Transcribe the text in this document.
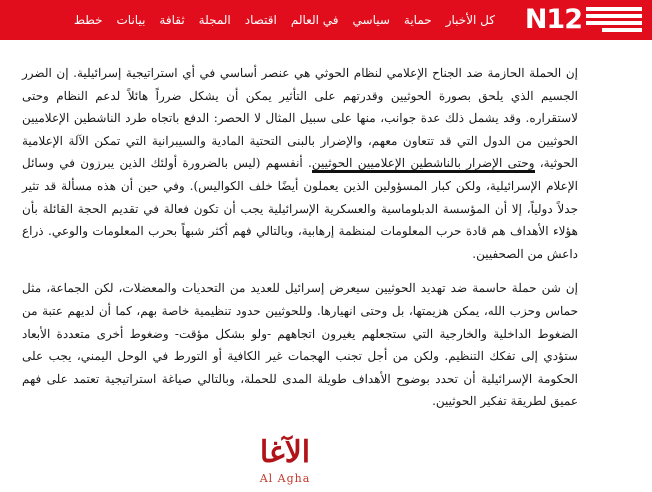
كل الأخبار
حماية
سياسي
في العالم
اقتصاد
المجلة
ثقافة
بيانات
خطط	N12

إن الحملة الحازمة ضد الجناح الإعلامي لنظام الحوثي هي عنصر أساسي في أي استراتيجية إسرائيلية. إن الضرر الجسيم الذي يلحق بصورة الحوثيين وقدرتهم على التأثير يمكن أن يشكل ضرراً هائلاً لدعم النظام وحتى لاستقراره. وقد يشمل ذلك عدة جوانب، منها على سبيل المثال لا الحصر: الدفع باتجاه طرد الناشطين الإعلاميين الحوثيين من الدول التي قد تتعاون معهم، والإضرار بالبنى التحتية المادية والسيبرانية التي تمكن الآلة الإعلامية الحوثية، وحتى الإضرار بالناشطين الإعلاميين الحوثيين. أنفسهم (ليس بالضرورة أولئك الذين يبرزون في وسائل الإعلام الإسرائيلية، ولكن كبار المسؤولين الذين يعملون أيضًا خلف الكواليس). وفي حين أن هذه مسألة قد تثير جدلاً دولياً، إلا أن المؤسسة الدبلوماسية والعسكرية الإسرائيلية يجب أن تكون فعالة في تقديم الحجة القائلة بأن هؤلاء الأهداف هم قادة حرب المعلومات لمنظمة إرهابية، وبالتالي فهم أكثر شبهاً بحرب المعلومات والوعي. ذراع داعش من الصحفيين.

إن شن حملة حاسمة ضد تهديد الحوثيين سيعرض إسرائيل للعديد من التحديات والمعضلات، لكن الجماعة، مثل حماس وحزب الله، يمكن هزيمتها، بل وحتى انهيارها. وللحوثيين حدود تنظيمية خاصة بهم، كما أن لديهم عتبة من الضغوط الداخلية والخارجية التي ستجعلهم يغيرون اتجاههم -ولو بشكل مؤقت- وضغوط أخرى متعددة الأبعاد ستؤدي إلى تفكك التنظيم. ولكن من أجل تجنب الهجمات غير الكافية أو التورط في الوحل اليمني، يجب على الحكومة الإسرائيلية أن تحدد بوضوح الأهداف طويلة المدى للحملة، وبالتالي صياغة استراتيجية تعتمد على فهم عميق لطريقة تفكير الحوثيين.

الآغا
Al Agha
